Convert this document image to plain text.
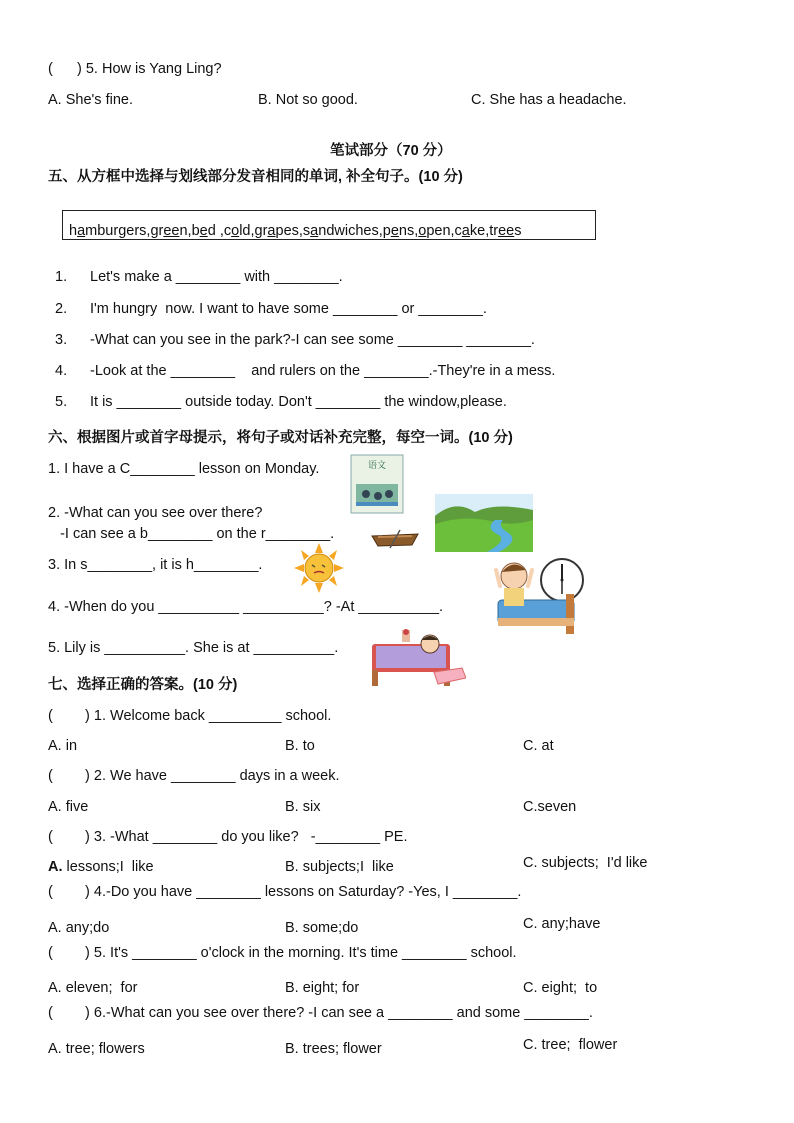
(      ) 5. How is Yang Ling?
A. She's fine.	B. Not so good.	C. She has a headache.
笔试部分（70 分）
五、从方框中选择与划线部分发音相同的单词, 补全句子。(10 分)
hamburgers,green,bed ,cold,grapes,sandwiches,pens,open,cake,trees
1. Let's make a ________ with ________.
2. I'm hungry  now. I want to have some ________ or ________.
3. -What can you see in the park?-I can see some ________ ________.
4. -Look at the ________    and rulers on the ________.-They're in a mess.
5. It is ________ outside today. Don't ________ the window,please.
六、根据图片或首字母提示，将句子或对话补充完整，每空一词。(10 分)
1. I have a C________ lesson on Monday.
2. -What can you see over there?
-I can see a b________ on the r________.
3. In s________, it is h________.
4. -When do you __________ __________? -At __________.
5. Lily is __________. She is at __________.
语文
七、选择正确的答案。(10 分)
(        ) 1. Welcome back _________ school.
A. in	B. to	C. at
(        ) 2. We have ________ days in a week.
A. five	B. six	C.seven
(        ) 3. -What ________ do you like?   -________ PE.
A. lessons;I  like	B. subjects;I  like	C. subjects;  I'd like
(        ) 4.-Do you have ________ lessons on Saturday? -Yes, I ________.
A. any;do	B. some;do	C. any;have
(        ) 5. It's ________ o'clock in the morning. It's time ________ school.
A. eleven;  for	B. eight; for	C. eight;  to
(        ) 6.-What can you see over there? -I can see a ________ and some ________.
A. tree; flowers	B. trees; flower	C. tree;  flower
